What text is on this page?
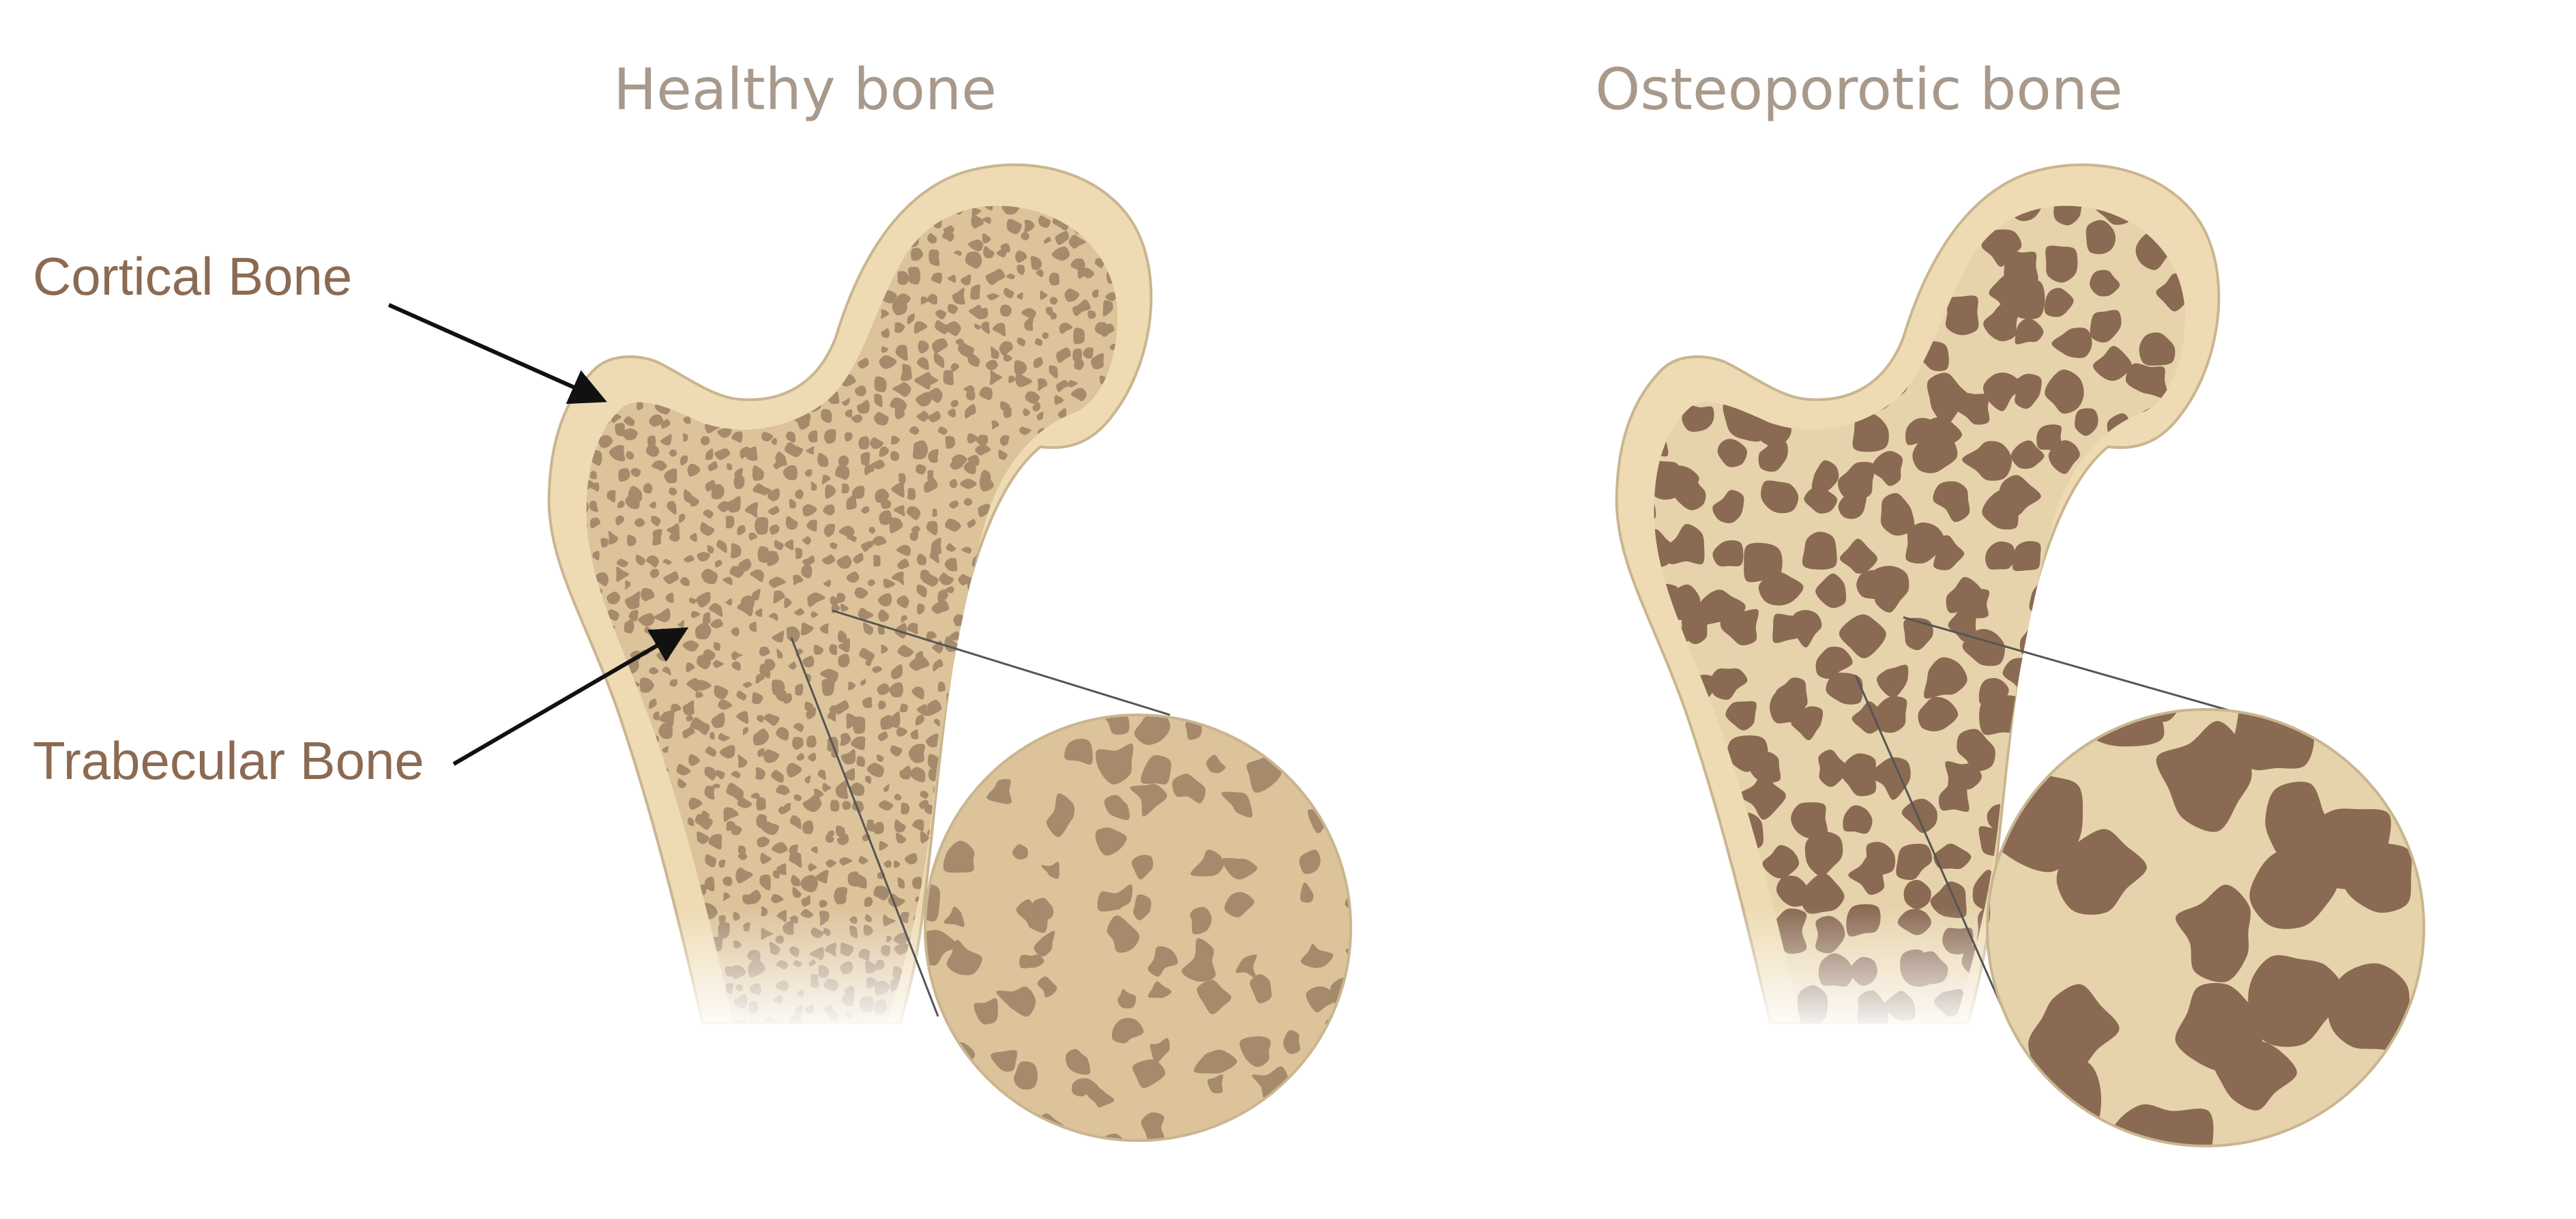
Healthy bone	Osteoporotic bone
Cortical Bone
Trabecular Bone
